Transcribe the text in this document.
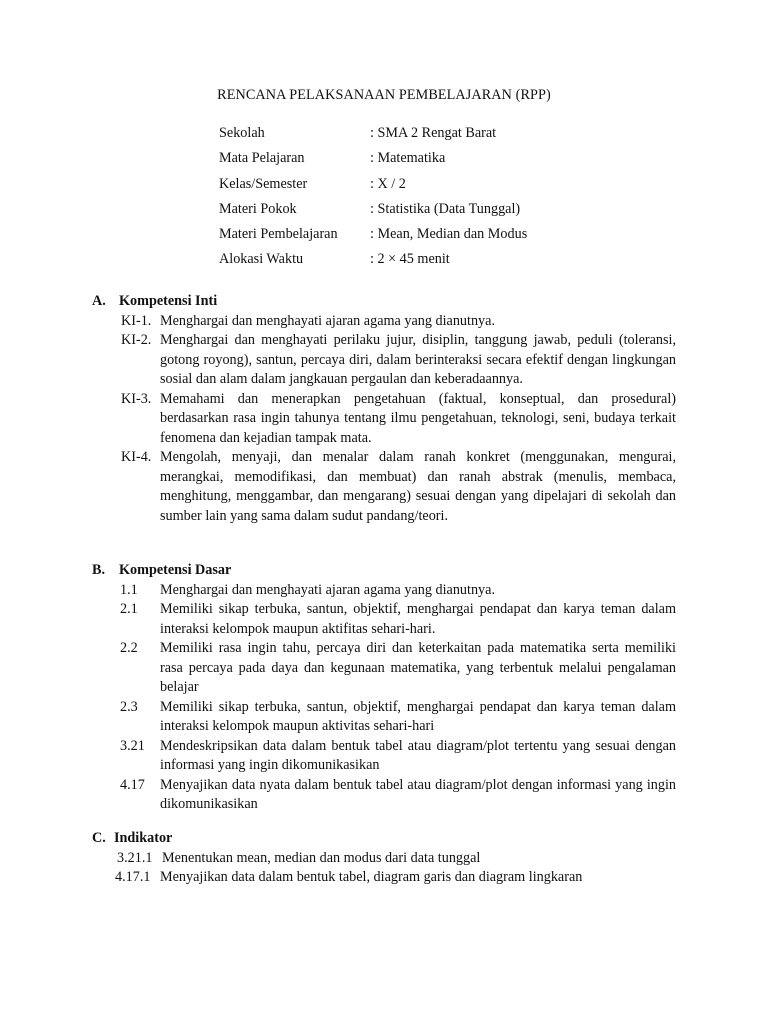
RENCANA PELAKSANAAN PEMBELAJARAN (RPP)
Sekolah	: SMA 2 Rengat Barat
Mata Pelajaran	: Matematika
Kelas/Semester	: X / 2
Materi Pokok	: Statistika (Data Tunggal)
Materi Pembelajaran : Mean, Median dan Modus
Alokasi Waktu	: 2 × 45 menit
A. Kompetensi Inti
KI-1. Menghargai dan menghayati ajaran agama yang dianutnya.
KI-2. Menghargai dan menghayati perilaku jujur, disiplin, tanggung jawab, peduli (toleransi, gotong royong), santun, percaya diri, dalam berinteraksi secara efektif dengan lingkungan sosial dan alam dalam jangkauan pergaulan dan keberadaannya.
KI-3. Memahami dan menerapkan pengetahuan (faktual, konseptual, dan prosedural) berdasarkan rasa ingin tahunya tentang ilmu pengetahuan, teknologi, seni, budaya terkait fenomena dan kejadian tampak mata.
KI-4. Mengolah, menyaji, dan menalar dalam ranah konkret (menggunakan, mengurai, merangkai, memodifikasi, dan membuat) dan ranah abstrak (menulis, membaca, menghitung, menggambar, dan mengarang) sesuai dengan yang dipelajari di sekolah dan sumber lain yang sama dalam sudut pandang/teori.
B. Kompetensi Dasar
1.1 Menghargai dan menghayati ajaran agama yang dianutnya.
2.1 Memiliki sikap terbuka, santun, objektif, menghargai pendapat dan karya teman dalam interaksi kelompok maupun aktifitas sehari-hari.
2.2 Memiliki rasa ingin tahu, percaya diri dan keterkaitan pada matematika serta memiliki rasa percaya pada daya dan kegunaan matematika, yang terbentuk melalui pengalaman belajar
2.3 Memiliki sikap terbuka, santun, objektif, menghargai pendapat dan karya teman dalam interaksi kelompok maupun aktivitas sehari-hari
3.21 Mendeskripsikan data dalam bentuk tabel atau diagram/plot tertentu yang sesuai dengan informasi yang ingin dikomunikasikan
4.17 Menyajikan data nyata dalam bentuk tabel atau diagram/plot dengan informasi yang ingin dikomunikasikan
C. Indikator
3.21.1 Menentukan mean, median dan modus dari data tunggal
4.17.1 Menyajikan data dalam bentuk tabel, diagram garis dan diagram lingkaran
